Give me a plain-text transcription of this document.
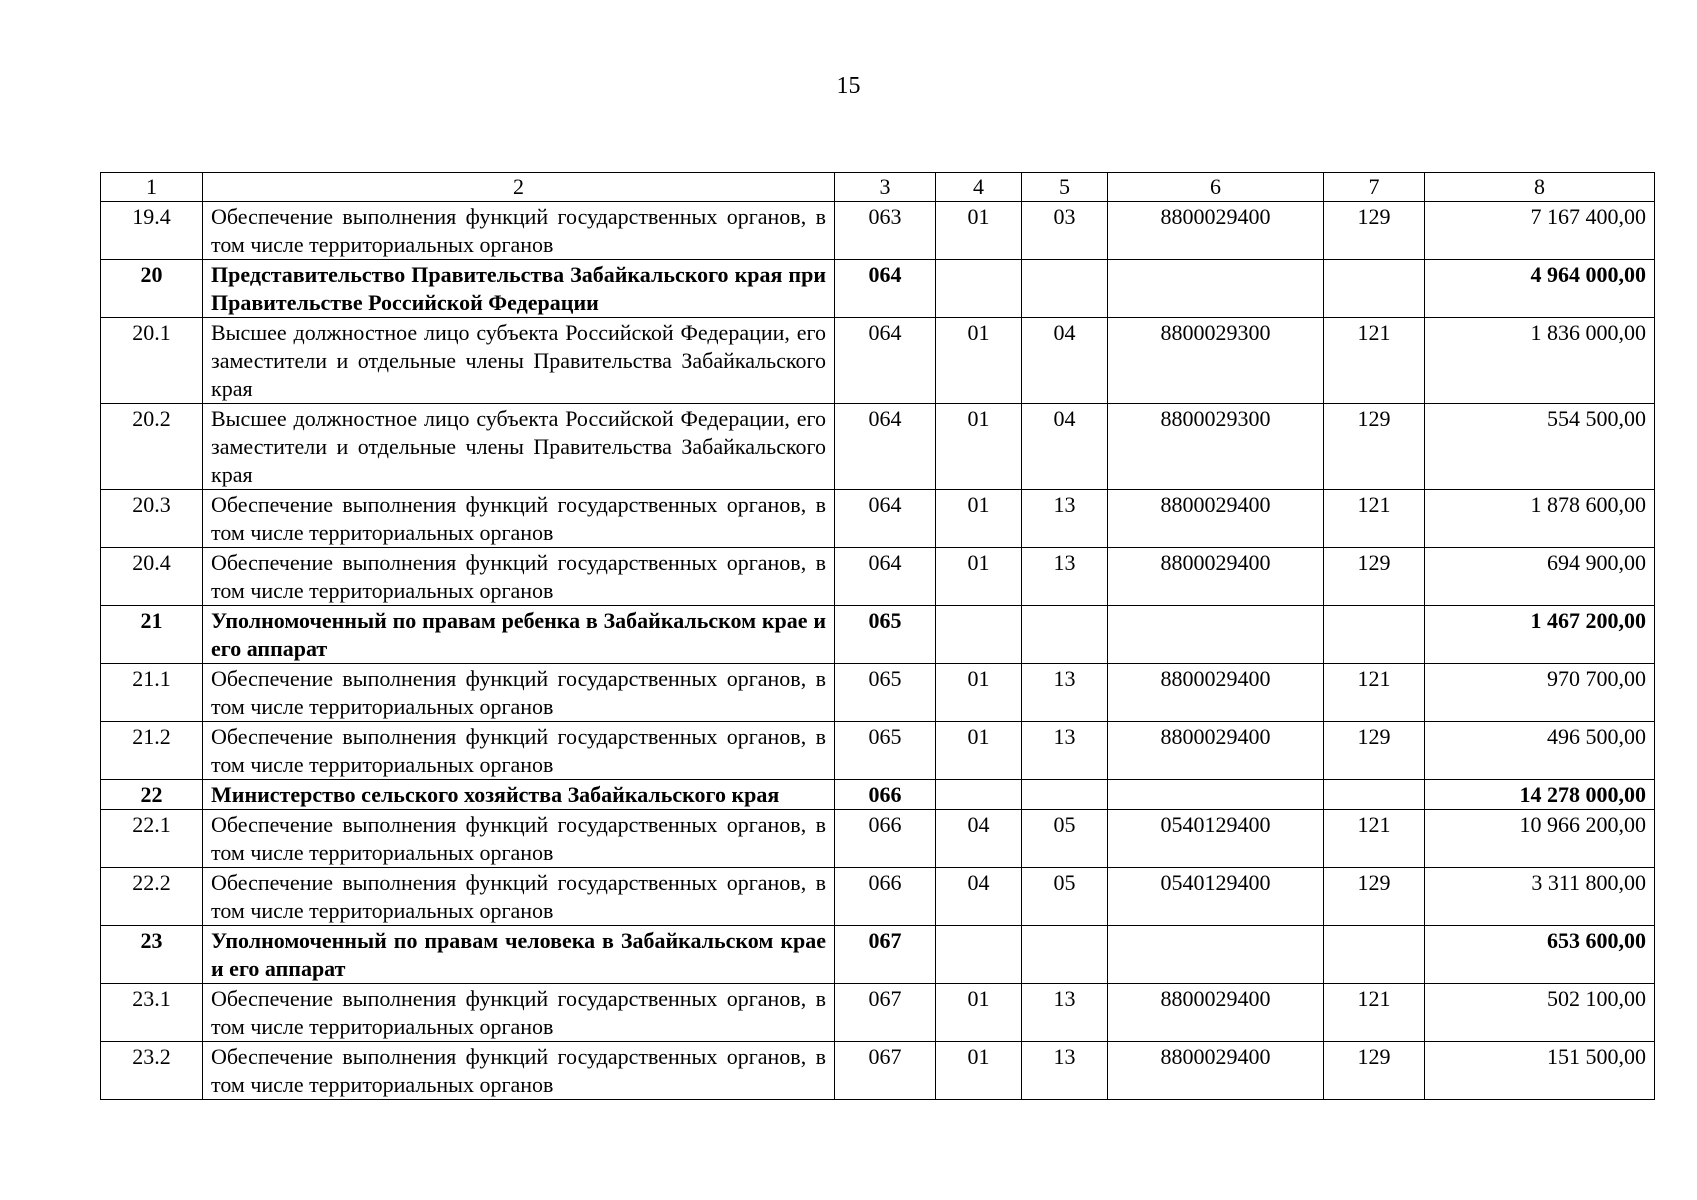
15
1	2	3	4	5	6	7	8
19.4	Обеспечение выполнения функций государственных органов, в том числе территориальных органов	063	01	03	8800029400	129	7 167 400,00
20	Представительство Правительства Забайкальского края при Правительстве Российской Федерации	064					4 964 000,00
20.1	Высшее должностное лицо субъекта Российской Федерации, его заместители и отдельные члены Правительства Забайкальского края	064	01	04	8800029300	121	1 836 000,00
20.2	Высшее должностное лицо субъекта Российской Федерации, его заместители и отдельные члены Правительства Забайкальского края	064	01	04	8800029300	129	554 500,00
20.3	Обеспечение выполнения функций государственных органов, в том числе территориальных органов	064	01	13	8800029400	121	1 878 600,00
20.4	Обеспечение выполнения функций государственных органов, в том числе территориальных органов	064	01	13	8800029400	129	694 900,00
21	Уполномоченный по правам ребенка в Забайкальском крае и его аппарат	065					1 467 200,00
21.1	Обеспечение выполнения функций государственных органов, в том числе территориальных органов	065	01	13	8800029400	121	970 700,00
21.2	Обеспечение выполнения функций государственных органов, в том числе территориальных органов	065	01	13	8800029400	129	496 500,00
22	Министерство сельского хозяйства Забайкальского края	066					14 278 000,00
22.1	Обеспечение выполнения функций государственных органов, в том числе территориальных органов	066	04	05	0540129400	121	10 966 200,00
22.2	Обеспечение выполнения функций государственных органов, в том числе территориальных органов	066	04	05	0540129400	129	3 311 800,00
23	Уполномоченный по правам человека в Забайкальском крае и его аппарат	067					653 600,00
23.1	Обеспечение выполнения функций государственных органов, в том числе территориальных органов	067	01	13	8800029400	121	502 100,00
23.2	Обеспечение выполнения функций государственных органов, в том числе территориальных органов	067	01	13	8800029400	129	151 500,00
